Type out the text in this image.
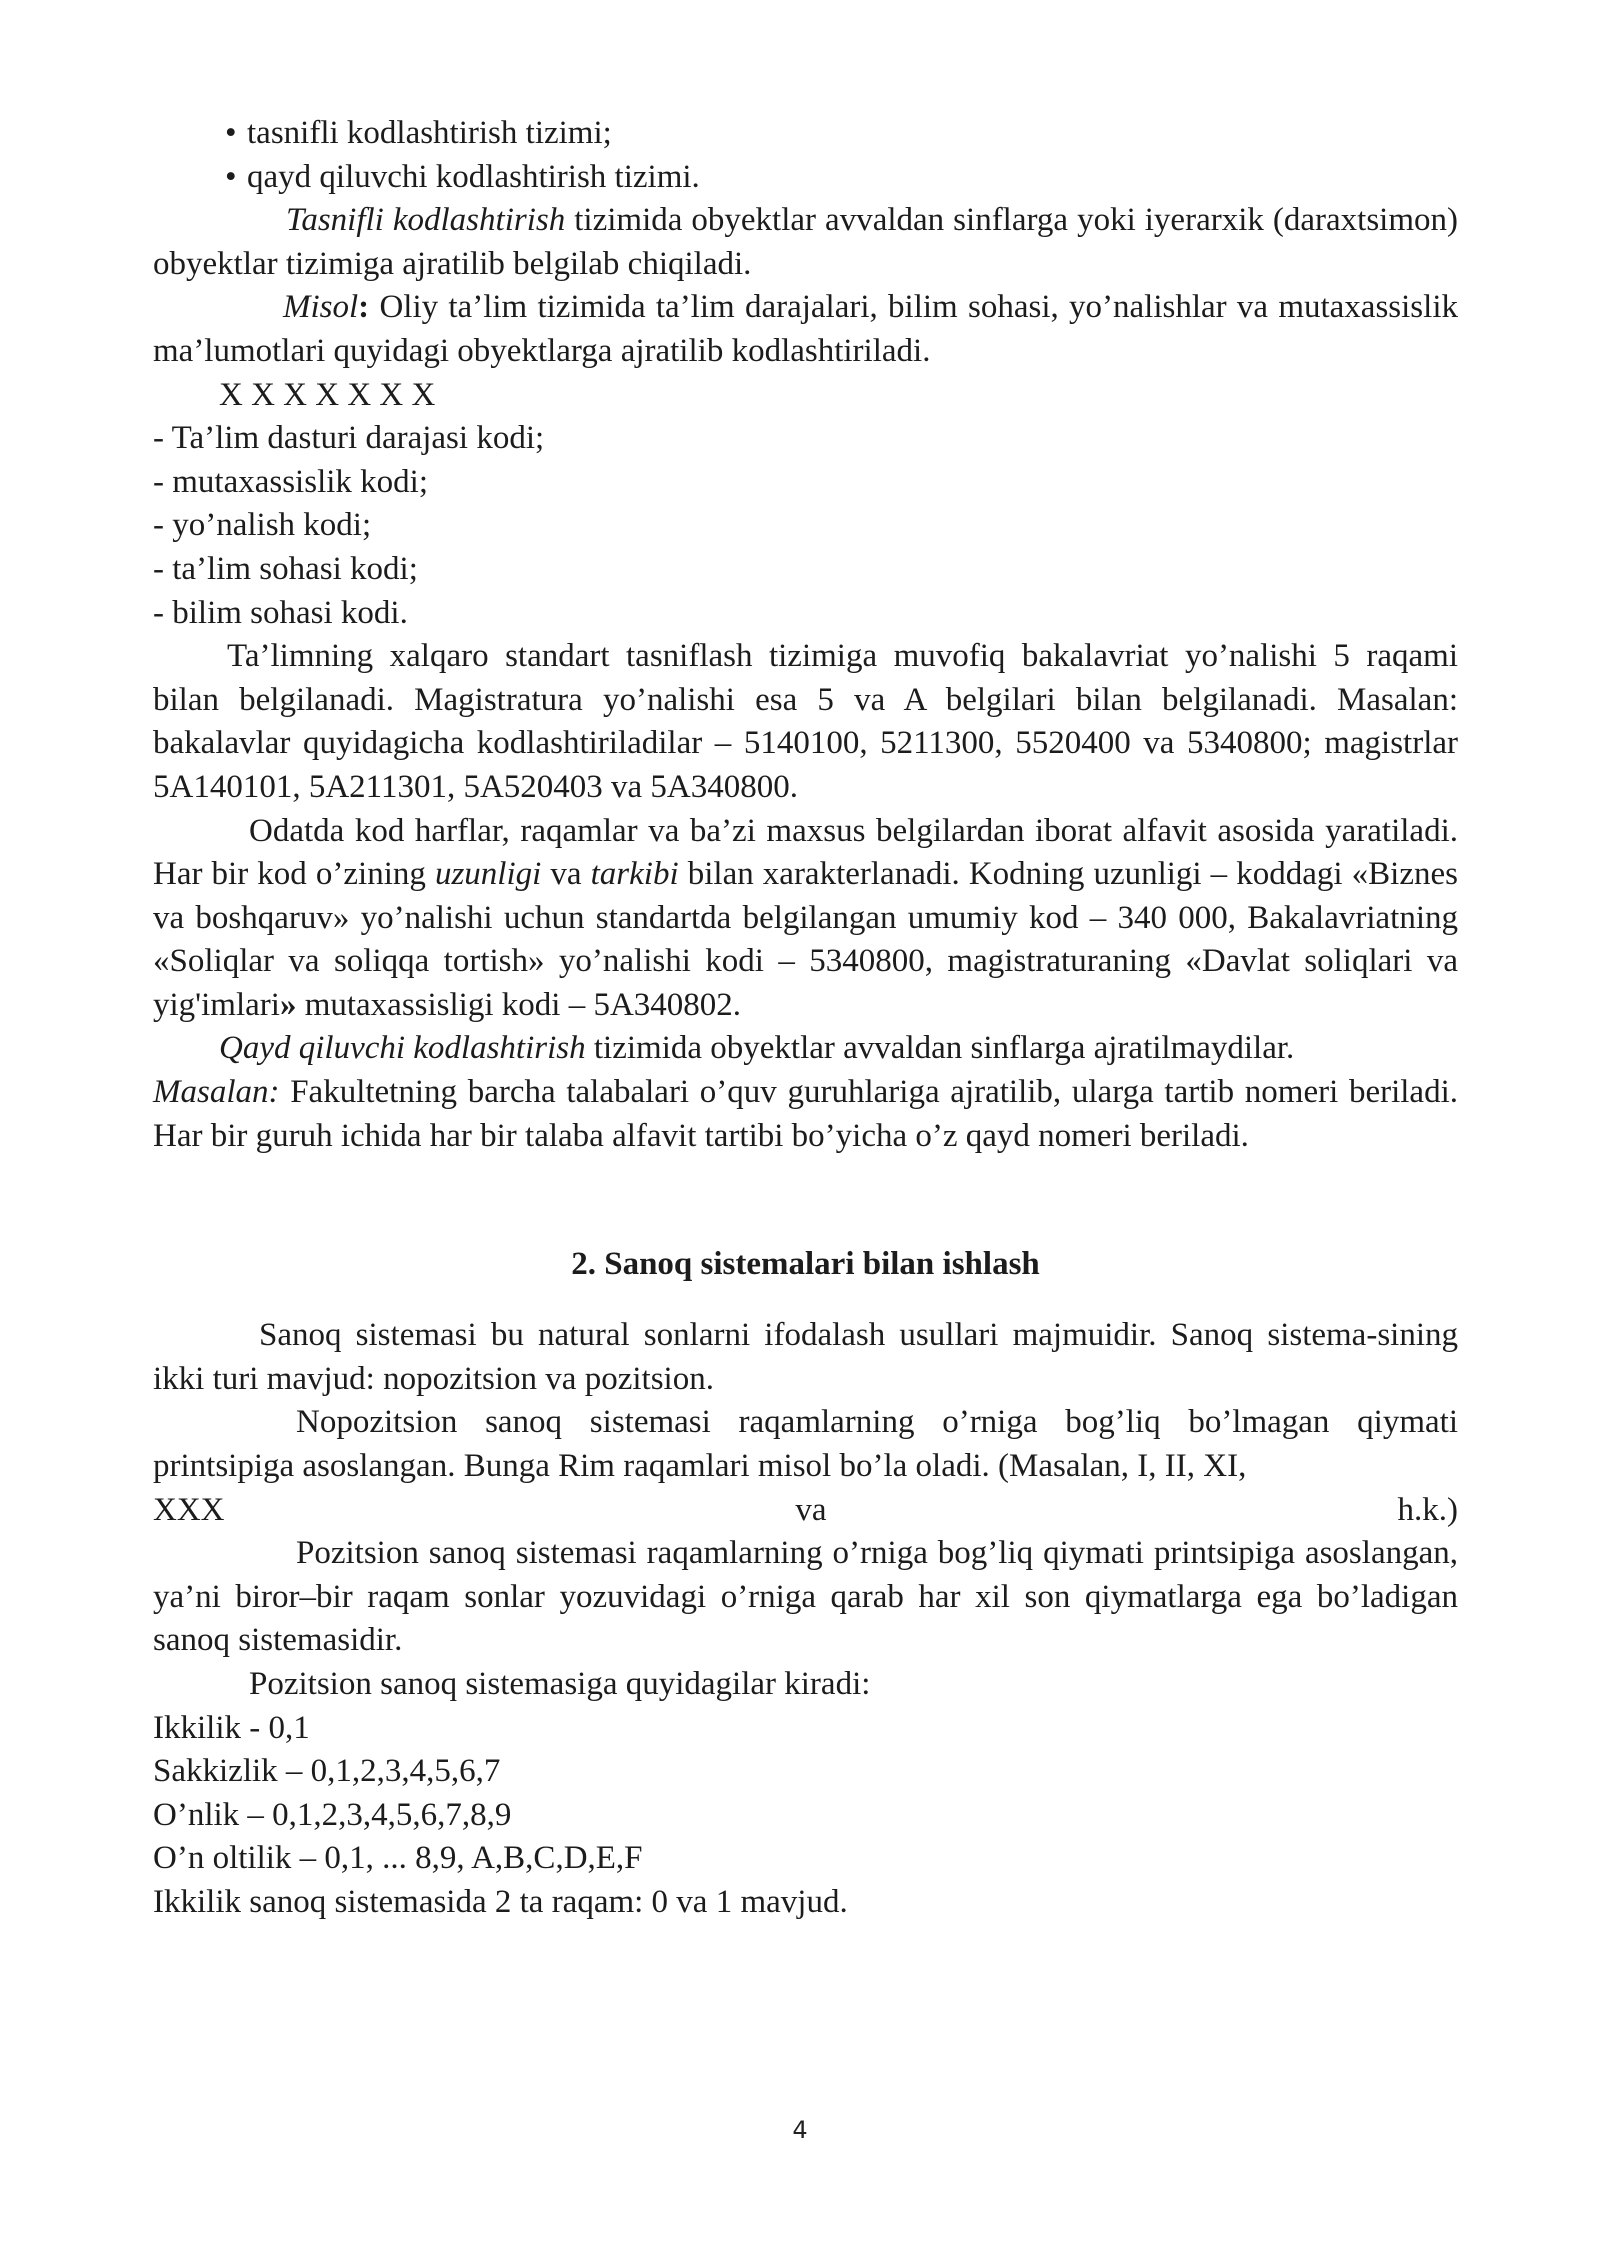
• tasnifli kodlashtirish tizimi;
• qayd qiluvchi kodlashtirish tizimi.

Tasnifli kodlashtirish tizimida obyektlar avvaldan sinflarga yoki iyerarxik (daraxtsimon) obyektlar tizimiga ajratilib belgilab chiqiladi.

Misol: Oliy ta’lim tizimida ta’lim darajalari, bilim sohasi, yo’nalishlar va mutaxassislik ma’lumotlari quyidagi obyektlarga ajratilib kodlashtiriladi.

X X X X X X X
- Ta’lim dasturi darajasi kodi;
- mutaxassislik kodi;
- yo’nalish kodi;
- ta’lim sohasi kodi;
- bilim sohasi kodi.

Ta’limning xalqaro standart tasniflash tizimiga muvofiq bakalavriat yo’nalishi 5 raqami bilan belgilanadi. Magistratura yo’nalishi esa 5 va A belgilari bilan belgilanadi. Masalan: bakalavlar quyidagicha kodlashtiriladilar – 5140100, 5211300, 5520400 va 5340800; magistrlar 5A140101, 5A211301, 5A520403 va 5A340800.

Odatda kod harflar, raqamlar va ba’zi maxsus belgilardan iborat alfavit asosida yaratiladi. Har bir kod o’zining uzunligi va tarkibi bilan xarakterlanadi. Kodning uzunligi – koddagi «Biznes va boshqaruv» yo’nalishi uchun standartda belgilangan umumiy kod – 340 000, Bakalavriatning «Soliqlar va soliqqa tortish» yo’nalishi kodi – 5340800, magistraturaning «Davlat soliqlari va yig'imlari» mutaxassisligi kodi – 5A340802.

Qayd qiluvchi kodlashtirish tizimida obyektlar avvaldan sinflarga ajratilmaydilar.

Masalan: Fakultetning barcha talabalari o’quv guruhlariga ajratilib, ularga tartib nomeri beriladi. Har bir guruh ichida har bir talaba alfavit tartibi bo’yicha o’z qayd nomeri beriladi.

2. Sanoq sistemalari bilan ishlash

Sanoq sistemasi bu natural sonlarni ifodalash usullari majmuidir. Sanoq sistema-sining ikki turi mavjud: nopozitsion va pozitsion.

Nopozitsion sanoq sistemasi raqamlarning o’rniga bog’liq bo’lmagan qiymati printsipiga asoslangan. Bunga Rim raqamlari misol bo’la oladi. (Masalan, I, II, XI,

XXX	va	h.k.)

Pozitsion sanoq sistemasi raqamlarning o’rniga bog’liq qiymati printsipiga asoslangan, ya’ni biror–bir raqam sonlar yozuvidagi o’rniga qarab har xil son qiymatlarga ega bo’ladigan sanoq sistemasidir.

Pozitsion sanoq sistemasiga quyidagilar kiradi:

Ikkilik - 0,1
Sakkizlik – 0,1,2,3,4,5,6,7
O’nlik – 0,1,2,3,4,5,6,7,8,9
O’n oltilik – 0,1, ... 8,9, A,B,C,D,E,F

Ikkilik sanoq sistemasida 2 ta raqam: 0 va 1 mavjud.

4
